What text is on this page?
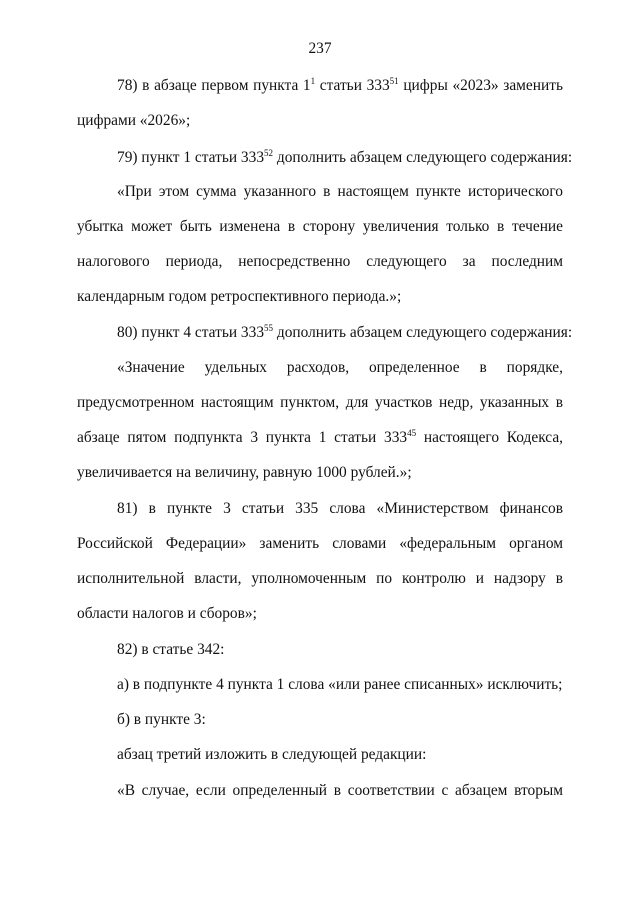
237
78) в абзаце первом пункта $1^1$ статьи $333^{51}$ цифры «2023» заменить
цифрами «2026»;
79) пункт 1 статьи $333^{52}$ дополнить абзацем следующего содержания:
«При этом сумма указанного в настоящем пункте исторического
убытка может быть изменена в сторону увеличения только в течение
налогового периода, непосредственно следующего за последним
календарным годом ретроспективного периода.»;
80) пункт 4 статьи $333^{55}$ дополнить абзацем следующего содержания:
«Значение удельных расходов, определенное в порядке,
предусмотренном настоящим пунктом, для участков недр, указанных в
абзаце пятом подпункта 3 пункта 1 статьи $333^{45}$ настоящего Кодекса,
увеличивается на величину, равную 1000 рублей.»;
81) в пункте 3 статьи 335 слова «Министерством финансов
Российской Федерации» заменить словами «федеральным органом
исполнительной власти, уполномоченным по контролю и надзору в
области налогов и сборов»;
82) в статье 342:
а) в подпункте 4 пункта 1 слова «или ранее списанных» исключить;
б) в пункте 3:
абзац третий изложить в следующей редакции:
«В случае, если определенный в соответствии с абзацем вторым
